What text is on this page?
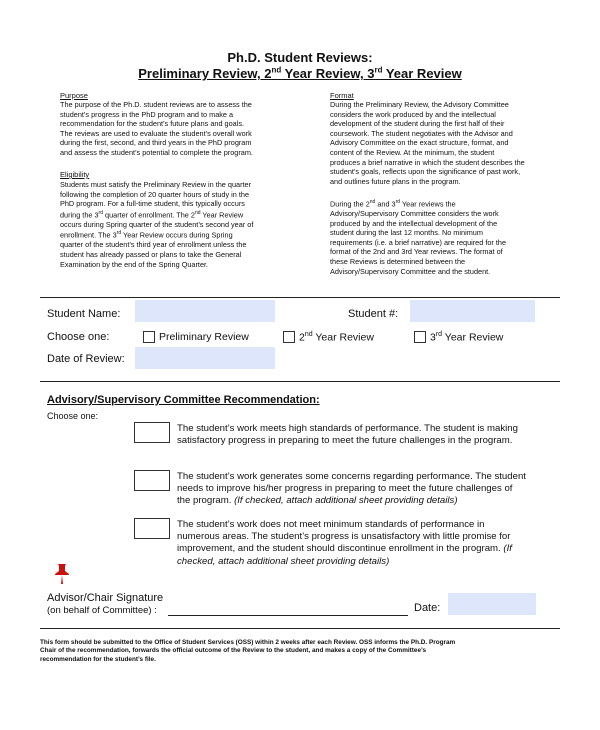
Ph.D. Student Reviews:
Preliminary Review, 2nd Year Review, 3rd Year Review
Purpose
The purpose of the Ph.D. student reviews are to assess the
student’s progress in the PhD program and to make a
recommendation for the student’s future plans and goals.
The reviews are used to evaluate the student’s overall work
during the first, second, and third years in the PhD program
and assess the student’s potential to complete the program.
Eligibility
Students must satisfy the Preliminary Review in the quarter
following the completion of 20 quarter hours of study in the
PhD program. For a full-time student, this typically occurs
during the 3rd quarter of enrollment. The 2nd Year Review
occurs during Spring quarter of the student’s second year of
enrollment. The 3rd Year Review occurs during Spring
quarter of the student’s third year of enrollment unless the
student has already passed or plans to take the General
Examination by the end of the Spring Quarter.
Format
During the Preliminary Review, the Advisory Committee
considers the work produced by and the intellectual
development of the student during the first half of their
coursework. The student negotiates with the Advisor and
Advisory Committee on the exact structure, format, and
content of the Review. At the minimum, the student
produces a brief narrative in which the student describes the
student’s goals, reflects upon the significance of past work,
and outlines future plans in the program.
During the 2nd and 3rd Year reviews the
Advisory/Supervisory Committee considers the work
produced by and the intellectual development of the
student during the last 12 months. No minimum
requirements (i.e. a brief narrative) are required for the
format of the 2nd and 3rd Year reviews. The format of
these Reviews is determined between the
Advisory/Supervisory Committee and the student.
Student Name:	Student #:
Choose one:	Preliminary Review	2nd Year Review	3rd Year Review
Date of Review:
Advisory/Supervisory Committee Recommendation:
Choose one:
The student’s work meets high standards of performance. The student is making
satisfactory progress in preparing to meet the future challenges in the program.
The student’s work generates some concerns regarding performance. The student
needs to improve his/her progress in preparing to meet the future challenges of
the program. (If checked, attach additional sheet providing details)
The student’s work does not meet minimum standards of performance in
numerous areas. The student’s progress is unsatisfactory with little promise for
improvement, and the student should discontinue enrollment in the program. (If
checked, attach additional sheet providing details)
Advisor/Chair Signature
(on behalf of Committee) :	Date:
This form should be submitted to the Office of Student Services (OSS) within 2 weeks after each Review. OSS informs the Ph.D. Program
Chair of the recommendation, forwards the official outcome of the Review to the student, and makes a copy of the Committee’s
recommendation for the student’s file.
